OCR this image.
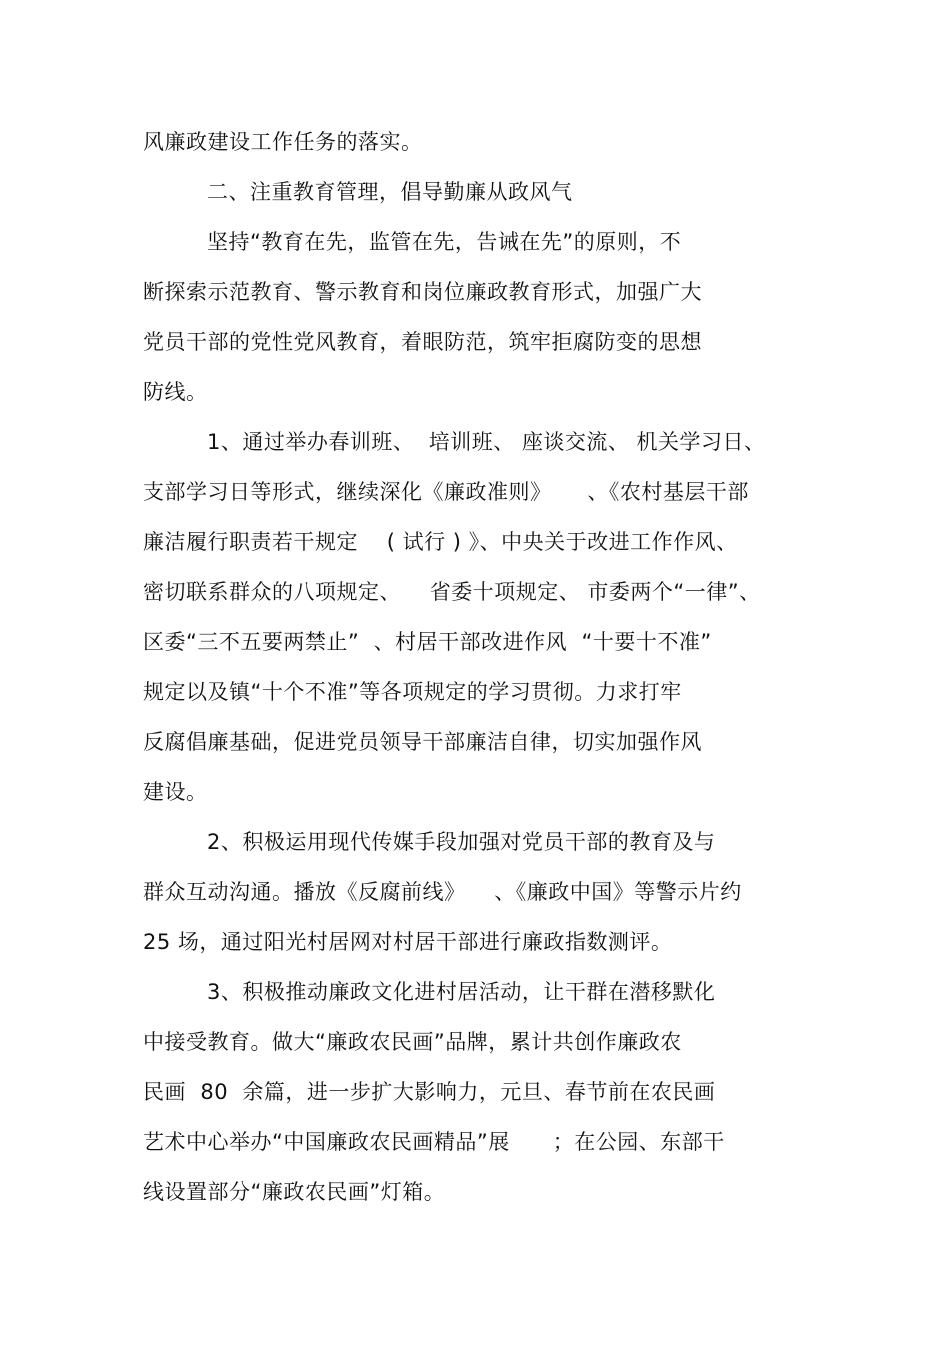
风廉政建设工作任务的落实。
二、注重教育管理，倡导勤廉从政风气
坚持“教育在先，监管在先，告诫在先”的原则，不
断探索示范教育、警示教育和岗位廉政教育形式，加强广大
党员干部的党性党风教育，着眼防范，筑牢拒腐防变的思想
防线。
1、通过举办春训班、  培训班、 座谈交流、 机关学习日、
支部学习日等形式，继续深化《廉政准则》     、《农村基层干部
廉洁履行职责若干规定    ( 试行 ) 》、中央关于改进工作作风、
密切联系群众的八项规定、    省委十项规定、 市委两个“一律”、
区委“三不五要两禁止”  、村居干部改进作风  “十要十不准”
规定以及镇“十个不准”等各项规定的学习贯彻。力求打牢
反腐倡廉基础，促进党员领导干部廉洁自律，切实加强作风
建设。
2、积极运用现代传媒手段加强对党员干部的教育及与
群众互动沟通。播放《反腐前线》    、《廉政中国》等警示片约
25 场，通过阳光村居网对村居干部进行廉政指数测评。
3、积极推动廉政文化进村居活动，让干群在潜移默化
中接受教育。做大“廉政农民画”品牌，累计共创作廉政农
民画  80  余篇，进一步扩大影响力，元旦、春节前在农民画
艺术中心举办“中国廉政农民画精品”展      ；在公园、东部干
线设置部分“廉政农民画”灯箱。
